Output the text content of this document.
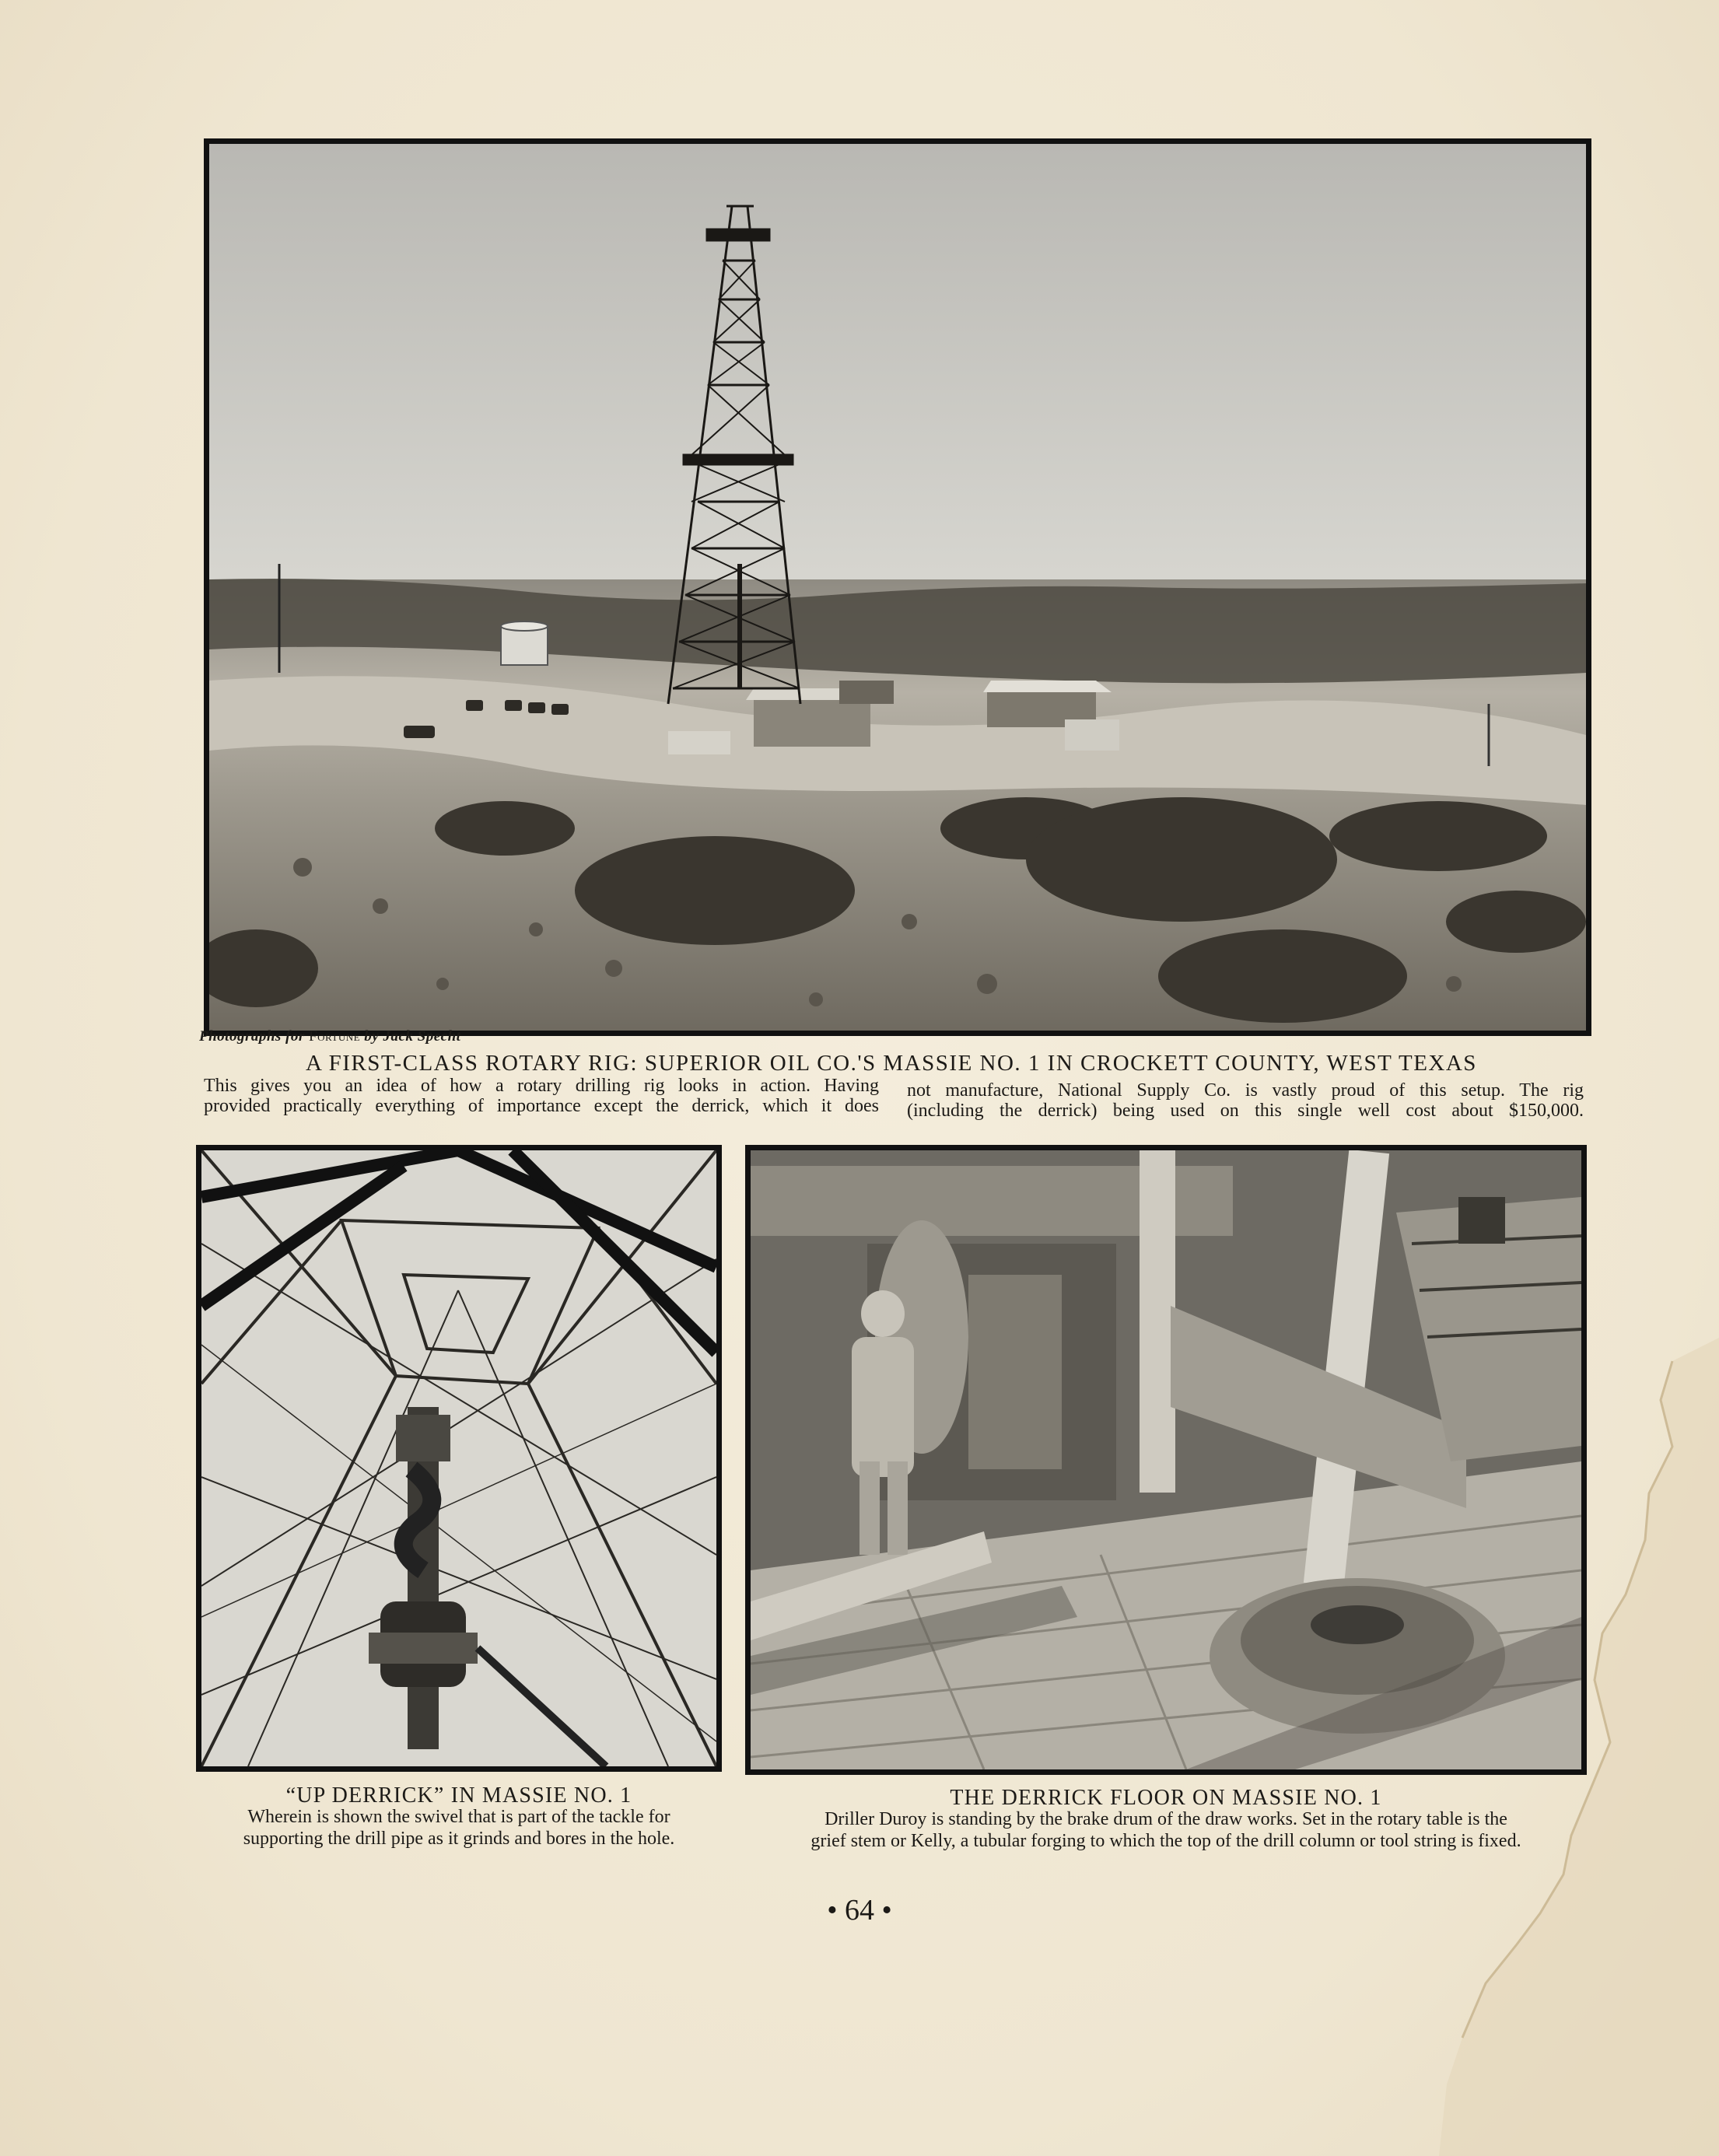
Photographs for Fortune by Jack Specht
A FIRST-CLASS ROTARY RIG: SUPERIOR OIL CO.'S MASSIE NO. 1 IN CROCKETT COUNTY, WEST TEXAS
This gives you an idea of how a rotary drilling rig looks in action. Having
provided practically everything of importance except the derrick, which it does
not manufacture, National Supply Co. is vastly proud of this setup. The rig
(including the derrick) being used on this single well cost about $150,000.
“UP DERRICK” IN MASSIE NO. 1
Wherein is shown the swivel that is part of the tackle for
supporting the drill pipe as it grinds and bores in the hole.
THE DERRICK FLOOR ON MASSIE NO. 1
Driller Duroy is standing by the brake drum of the draw works. Set in the rotary table is the
grief stem or Kelly, a tubular forging to which the top of the drill column or tool string is fixed.
• 64 •
